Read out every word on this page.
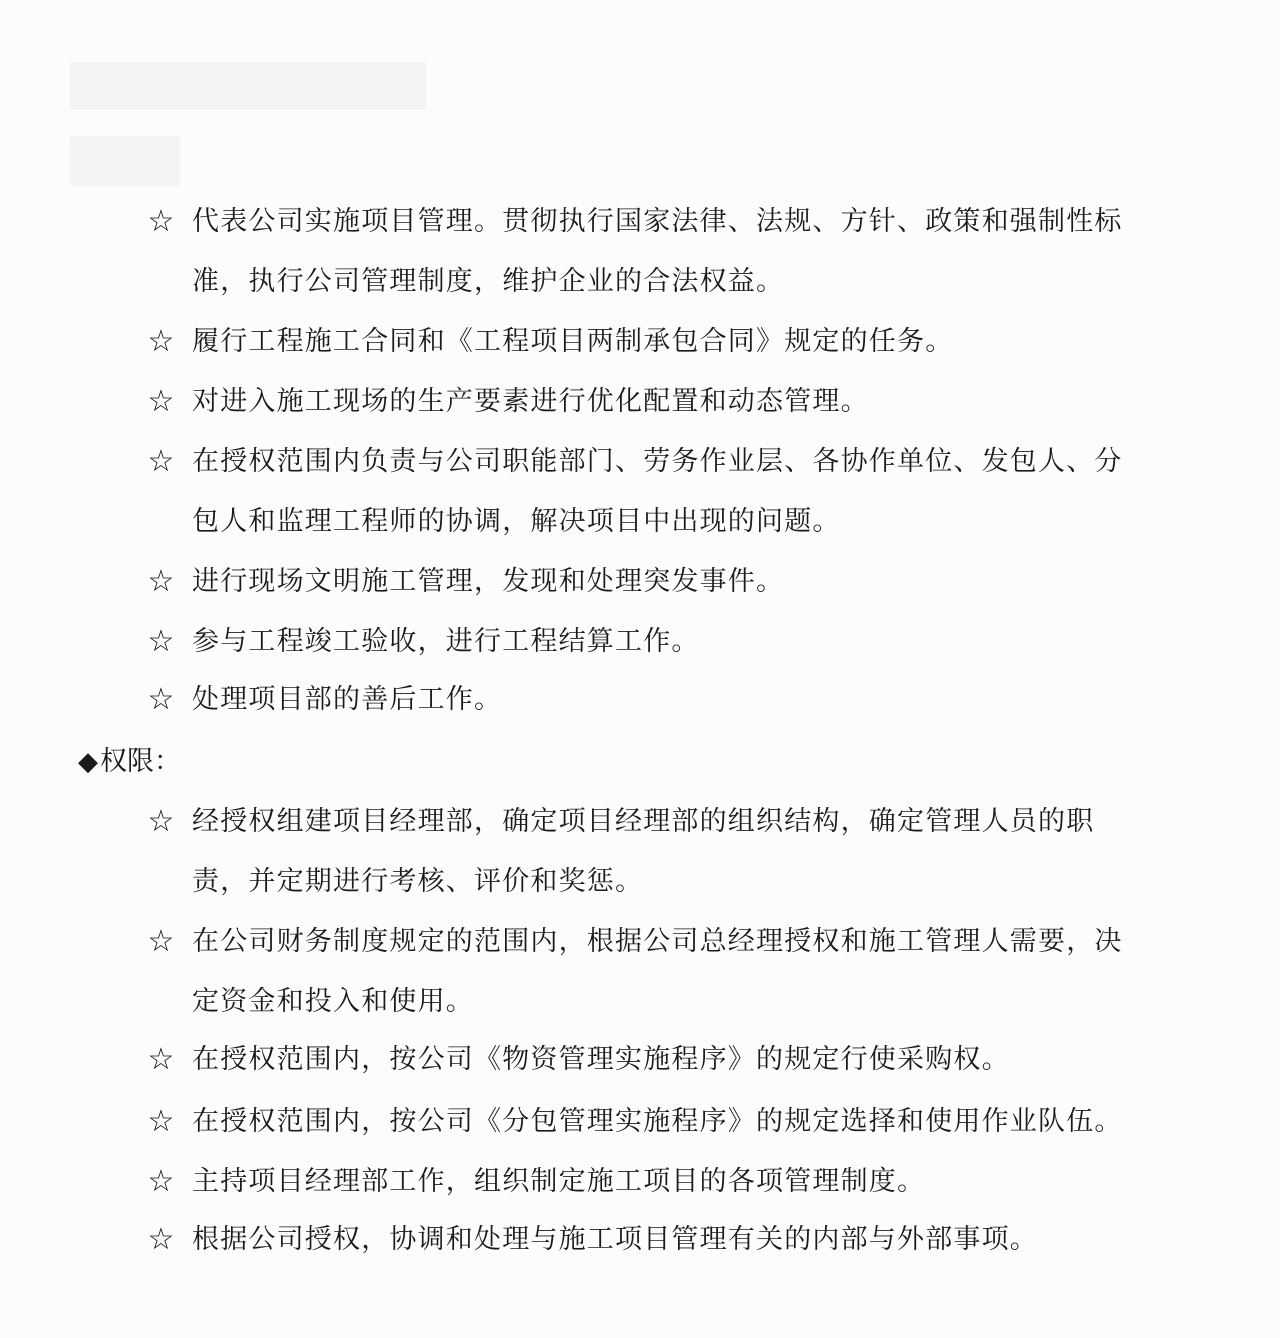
☆ 代表公司实施项目管理。贯彻执行国家法律、法规、方针、政策和强制性标准，执行公司管理制度，维护企业的合法权益。
☆ 履行工程施工合同和《工程项目两制承包合同》规定的任务。
☆ 对进入施工现场的生产要素进行优化配置和动态管理。
☆ 在授权范围内负责与公司职能部门、劳务作业层、各协作单位、发包人、分包人和监理工程师的协调，解决项目中出现的问题。
☆ 进行现场文明施工管理，发现和处理突发事件。
☆ 参与工程竣工验收，进行工程结算工作。
☆ 处理项目部的善后工作。
◆权限：
☆ 经授权组建项目经理部，确定项目经理部的组织结构，确定管理人员的职责，并定期进行考核、评价和奖惩。
☆ 在公司财务制度规定的范围内，根据公司总经理授权和施工管理人需要，决定资金和投入和使用。
☆ 在授权范围内，按公司《物资管理实施程序》的规定行使采购权。
☆ 在授权范围内，按公司《分包管理实施程序》的规定选择和使用作业队伍。
☆ 主持项目经理部工作，组织制定施工项目的各项管理制度。
☆ 根据公司授权，协调和处理与施工项目管理有关的内部与外部事项。
